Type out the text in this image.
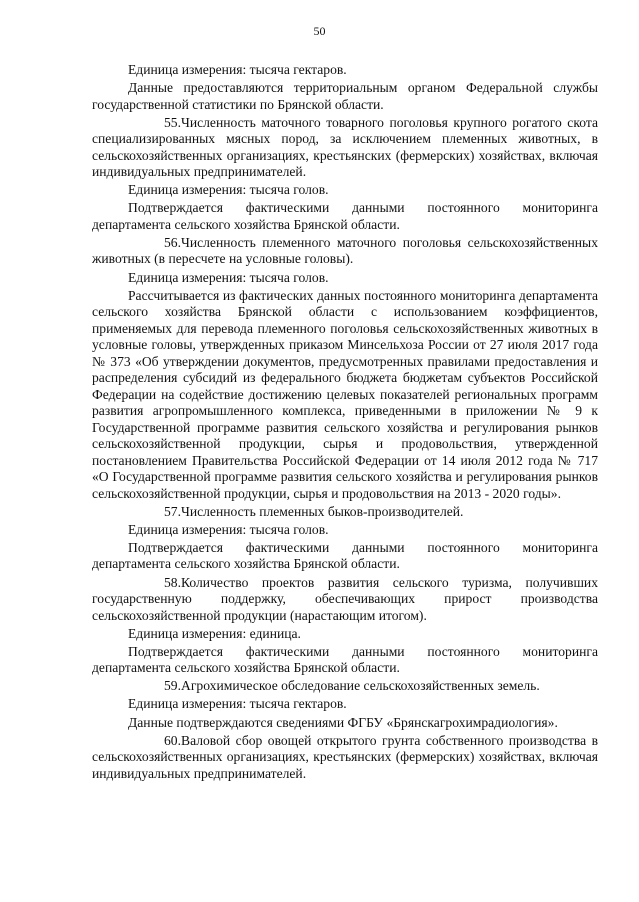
50

Единица измерения: тысяча гектаров.

Данные предоставляются территориальным органом Федеральной службы государственной статистики по Брянской области.

55.Численность маточного товарного поголовья крупного рогатого скота специализированных мясных пород, за исключением племенных животных, в сельскохозяйственных организациях, крестьянских (фермерских) хозяйствах, включая индивидуальных предпринимателей.

Единица измерения: тысяча голов.

Подтверждается фактическими данными постоянного мониторинга департамента сельского хозяйства Брянской области.

56.Численность племенного маточного поголовья сельскохозяйственных животных (в пересчете на условные головы).

Единица измерения: тысяча голов.

Рассчитывается из фактических данных постоянного мониторинга департамента сельского хозяйства Брянской области с использованием коэффициентов, применяемых для перевода племенного поголовья сельскохозяйственных животных в условные головы, утвержденных приказом Минсельхоза России от 27 июля 2017 года № 373 «Об утверждении документов, предусмотренных правилами предоставления и распределения субсидий из федерального бюджета бюджетам субъектов Российской Федерации на содействие достижению целевых показателей региональных программ развития агропромышленного комплекса, приведенными в приложении № 9 к Государственной программе развития сельского хозяйства и регулирования рынков сельскохозяйственной продукции, сырья и продовольствия, утвержденной постановлением Правительства Российской Федерации от 14 июля 2012 года № 717 «О Государственной программе развития сельского хозяйства и регулирования рынков сельскохозяйственной продукции, сырья и продовольствия на 2013 - 2020 годы».

57.Численность племенных быков-производителей.

Единица измерения: тысяча голов.

Подтверждается фактическими данными постоянного мониторинга департамента сельского хозяйства Брянской области.

58.Количество проектов развития сельского туризма, получивших государственную поддержку, обеспечивающих прирост производства сельскохозяйственной продукции (нарастающим итогом).

Единица измерения: единица.

Подтверждается фактическими данными постоянного мониторинга департамента сельского хозяйства Брянской области.

59.Агрохимическое обследование сельскохозяйственных земель.

Единица измерения: тысяча гектаров.

Данные подтверждаются сведениями ФГБУ «Брянскагрохимрадиология».

60.Валовой сбор овощей открытого грунта собственного производства в сельскохозяйственных организациях, крестьянских (фермерских) хозяйствах, включая индивидуальных предпринимателей.
